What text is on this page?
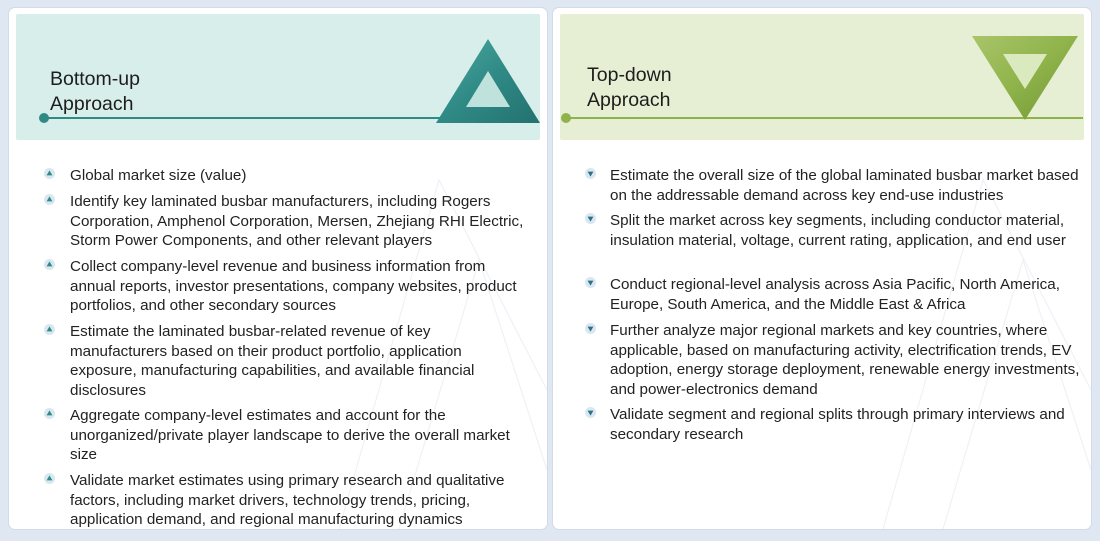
Bottom-up Approach
Global market size (value)
Identify key laminated busbar manufacturers, including Rogers Corporation, Amphenol Corporation, Mersen, Zhejiang RHI Electric, Storm Power Components, and other relevant players
Collect company-level revenue and business information from annual reports, investor presentations, company websites, product portfolios, and other secondary sources
Estimate the laminated busbar-related revenue of key manufacturers based on their product portfolio, application exposure, manufacturing capabilities, and available financial disclosures
Aggregate company-level estimates and account for the unorganized/private player landscape to derive the overall market size
Validate market estimates using primary research and qualitative factors, including market drivers, technology trends, pricing, application demand, and regional manufacturing dynamics
Top-down Approach
Estimate the overall size of the global laminated busbar market based on the addressable demand across key end-use industries
Split the market across key segments, including conductor material, insulation material, voltage, current rating, application, and end user
Conduct regional-level analysis across Asia Pacific, North America, Europe, South America, and the Middle East & Africa
Further analyze major regional markets and key countries, where applicable, based on manufacturing activity, electrification trends, EV adoption, energy storage deployment, renewable energy investments, and power-electronics demand
Validate segment and regional splits through primary interviews and secondary research
